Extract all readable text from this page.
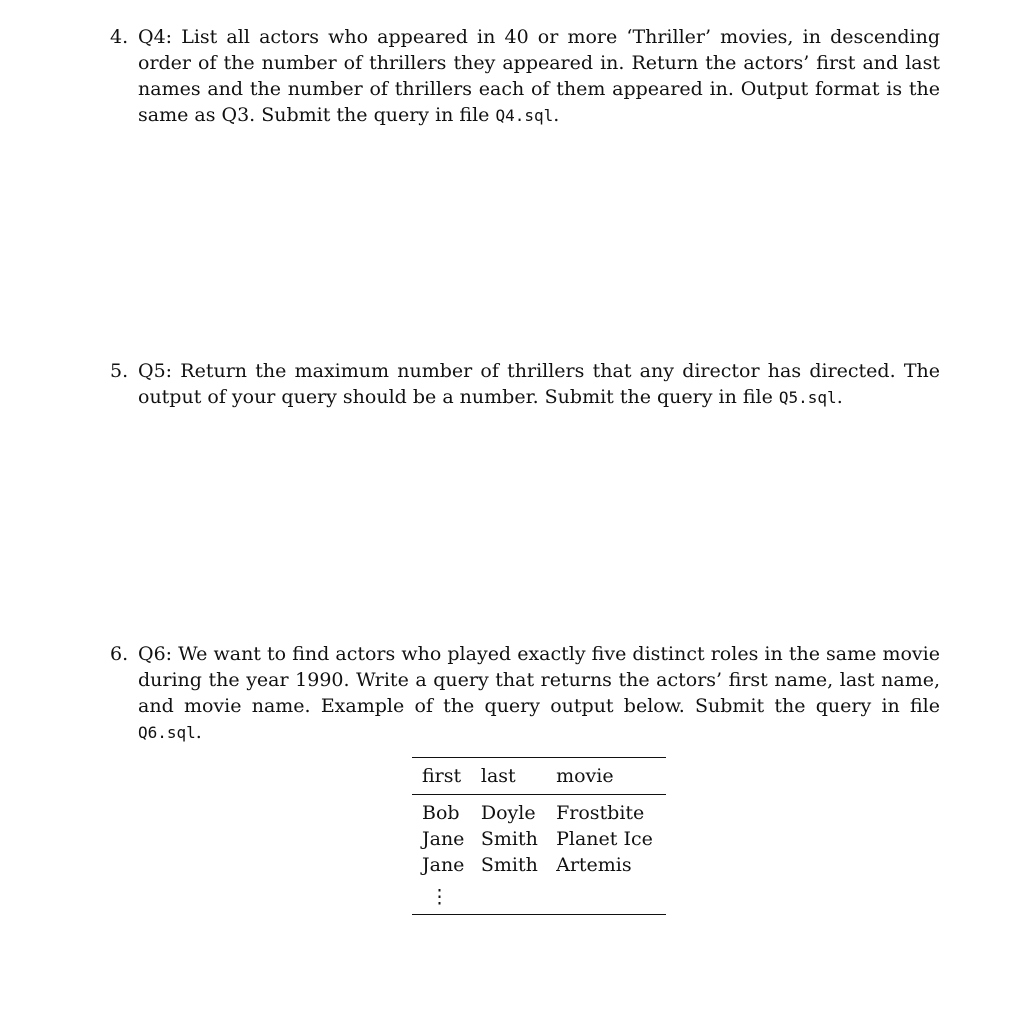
4. Q4: List all actors who appeared in 40 or more ‘Thriller’ movies, in descending order of the number of thrillers they appeared in. Return the actors’ first and last names and the number of thrillers each of them appeared in. Output format is the same as Q3. Submit the query in file Q4.sql.
5. Q5: Return the maximum number of thrillers that any director has directed. The output of your query should be a number. Submit the query in file Q5.sql.
6. Q6: We want to find actors who played exactly five distinct roles in the same movie during the year 1990. Write a query that returns the actors’ first name, last name, and movie name. Example of the query output below. Submit the query in file Q6.sql.
first	last	movie
Bob	Doyle	Frostbite
Jane	Smith	Planet Ice
Jane	Smith	Artemis
⋮		
